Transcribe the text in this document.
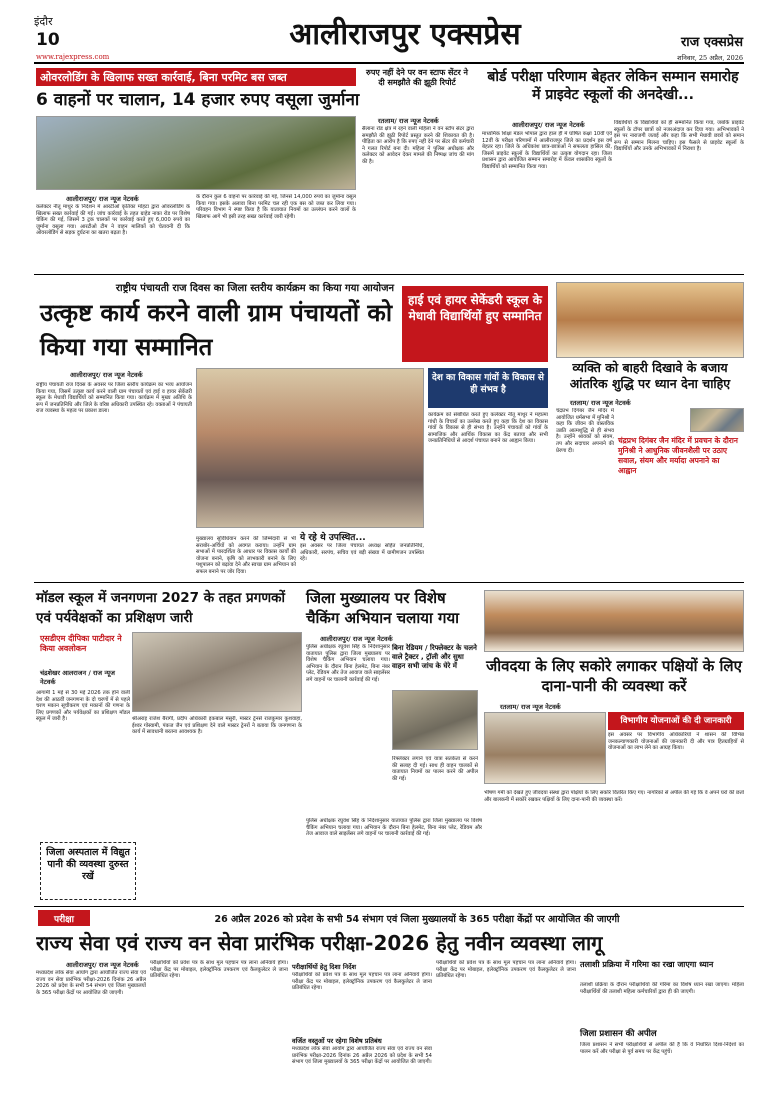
इंदौर
10	आलीराजपुर एक्सप्रेस	राज एक्सप्रेस
www.rajexpress.com	शनिवार, 25 अप्रैल, 2026
ओवरलोडिंग के खिलाफ सख्त कार्रवाई, बिना परमिट बस जब्त
6 वाहनों पर चालान, 14 हजार रुपए वसूला जुर्माना
आलीराजपुर/ राज न्यूज नेटवर्क
कलेक्टर नीतू माथुर के निर्देशन में आरटीओ कृतिका मोहटा द्वारा ओवरलोडिंग के खिलाफ सख्त कार्रवाई की गई। जांच कार्रवाई के तहत ग्राहेड नाका रोड पर विशेष चेकिंग की गई, जिसमें 3 ट्रक चालकों पर कार्रवाई करते हुए 6,000 रुपये का जुर्माना वसूला गया। आरटीओ टीम ने वाहन मालिकों को चेतावनी दी कि ओवरलोडिंग से सड़क दुर्घटना का खतरा बढ़ता है।
के दौरान कुल 6 वाहनों पर कार्रवाई की गई, जिनसे 14,000 रुपये का जुर्माना वसूल किया गया। इसके अलावा बिना परमिट चल रही एक बस को जब्त कर लिया गया। परिवहन विभाग ने स्पष्ट किया है कि यातायात नियमों का उल्लंघन करने वालों के खिलाफ आगे भी इसी तरह सख्त कार्रवाई जारी रहेगी।
रुपए नहीं देने पर वन स्टाफ सेंटर ने दी समझौते की झूठी रिपोर्ट
रतलाम/ राज न्यूज नेटवर्क
सैलाना रोड क्षेत्र में रहने वाली महिला ने वन स्टॉप सेंटर द्वारा समझौते की झूठी रिपोर्ट प्रस्तुत करने की शिकायत की है। पीड़िता का आरोप है कि रुपए नहीं देने पर सेंटर की कर्मचारी ने गलत रिपोर्ट बना दी। महिला ने पुलिस अधीक्षक और कलेक्टर को आवेदन देकर मामले की निष्पक्ष जांच की मांग की है।
बोर्ड परीक्षा परिणाम बेहतर लेकिन सम्मान समारोह में प्राइवेट स्कूलों की अनदेखी...
आलीराजपुर/ राज न्यूज नेटवर्क
माध्यमिक शिक्षा मंडल भोपाल द्वारा हाल ही में घोषित कक्षा 10वीं एवं 12वीं के परीक्षा परिणामों में आलीराजपुर जिले का प्रदर्शन इस वर्ष बेहतर रहा। जिले के अधिकांश छात्र-छात्राओं ने सफलता हासिल की, जिसमें प्राइवेट स्कूलों के विद्यार्थियों का उत्कृष्ट योगदान रहा। जिला प्रशासन द्वारा आयोजित सम्मान समारोह में केवल शासकीय स्कूलों के विद्यार्थियों को सम्मानित किया गया।
विद्यार्थियों के विद्यार्थियों को ही सम्मानित किया गया, जबकि प्राइवेट स्कूलों के टॉपर छात्रों को नजरअंदाज कर दिया गया। अभिभावकों ने इस पर नाराजगी जताई और कहा कि सभी मेधावी छात्रों को समान रूप से सम्मान मिलना चाहिए। इस फैसले से प्राइवेट स्कूलों के विद्यार्थियों और उनके अभिभावकों में निराशा है।
राष्ट्रीय पंचायती राज दिवस का जिला स्तरीय कार्यक्रम का किया गया आयोजन
उत्कृष्ट कार्य करने वाली ग्राम पंचायतों को किया गया सम्मानित
हाई एवं हायर सेकेंडरी स्कूल के मेधावी विद्यार्थियों हुए सम्मानित
आलीराजपुर/ राज न्यूज नेटवर्क
राष्ट्रीय पंचायती राज दिवस के अवसर पर जिला स्तरीय कार्यक्रम का भव्य आयोजन किया गया, जिसमें उत्कृष्ट कार्य करने वाली ग्राम पंचायतों एवं हाई व हायर सेकेंडरी स्कूल के मेधावी विद्यार्थियों को सम्मानित किया गया। कार्यक्रम में मुख्य अतिथि के रूप में जनप्रतिनिधि और जिले के वरिष्ठ अधिकारी उपस्थित रहे। वक्ताओं ने पंचायती राज व्यवस्था के महत्व पर प्रकाश डाला।
देश का विकास गांवों के विकास से ही संभव है
कार्यक्रम को संबोधित करते हुए कलेक्टर नीतू माथुर ने महात्मा गांधी के विचारों का उल्लेख करते हुए कहा कि देश का विकास गांवों के विकास से ही संभव है। उन्होंने पंचायतों को गांवों के सामाजिक और आर्थिक विकास का केंद्र बताया और सभी जनप्रतिनिधियों से आदर्श पंचायत बनाने का आह्वान किया।
ये रहे थे उपस्थित...
इस अवसर पर जिला पंचायत अध्यक्ष सहित जनप्रतिनिधि, अधिकारी, सरपंच, सचिव एवं बड़ी संख्या में ग्रामीणजन उपस्थित रहे।
मुख्यालय सुविधियान करने की जिम्मेदारी से भी सराबोर-अर्चियों को अवगत कराया। उन्होंने ग्राम सभाओं में पारदर्शिता के आधार पर विकास कार्यों की योजना बनाने, कृषि को लाभकारी बनाने के लिए पशुपालन को बढ़ावा देने और स्वच्छ ग्राम अभियान को सफल बनाने पर जोर दिया।
व्यक्ति को बाहरी दिखावे के बजाय आंतरिक शुद्धि पर ध्यान देना चाहिए
रतलाम/ राज न्यूज नेटवर्क
चंद्रप्रभ दिगंबर जैन मंदिर में आयोजित धर्मसभा में मुनिश्री ने कहा कि जीवन की वास्तविक उन्नति आत्मशुद्धि से ही संभव है। उन्होंने श्रावकों को संयम, तप और सदाचार अपनाने की प्रेरणा दी।
चंद्रप्रभ दिगंबर जैन मंदिर में प्रवचन के दौरान मुनिश्री ने आधुनिक जीवनशैली पर उठाए सवाल, संयम और मर्यादा अपनाने का आह्वान
मॉडल स्कूल में जनगणना 2027 के तहत प्रगणकों एवं पर्यवेक्षकों का प्रशिक्षण जारी
एसडीएम दीपिका पाटीदार ने किया अवलोकन
चंद्रशेखर आलराजन / राज न्यूज नेटवर्क
आगामी 1 मई से 30 मई 2026 तक होने वाली देश की आठवीं जनगणना के दो चरणों में से पहले चरण मकान सूचीकरण एवं मकानों की गणना के लिए प्रगणकों और पर्यवेक्षकों का प्रशिक्षण मॉडल स्कूल में जारी है।	श्रीअराइ राजेश बैरागी, प्रदीप अधिकारी इकबाल मंसुरी, मास्टर ट्रेनर्स राजकुमार कुशवाहा, ईश्वर गोस्वामी, पंकज जैन एवं प्रशिक्षण देने वाले मास्टर ट्रेनरों ने बताया कि जनगणना के कार्य में सावधानी बरतना आवश्यक है।
जिला अस्पताल में विद्युत पानी की व्यवस्था दुरुस्त रखें
जिला मुख्यालय पर विशेष चैकिंग अभियान चलाया गया
आलीराजपुर/ राज न्यूज नेटवर्क
पुलिस अधीक्षक रघुवंश सिंह के निर्देशानुसार यातायात पुलिस द्वारा जिला मुख्यालय पर विशेष चैकिंग अभियान चलाया गया। अभियान के दौरान बिना हेलमेट, बिना नंबर प्लेट, रेडियम और तेज आवाज वाले साइलेंसर लगे वाहनों पर चालानी कार्रवाई की गई।
बिना रेडियम / रिफ्लेक्टर के चलने वाले ट्रैक्टर , ट्रॉली और सुधा वाहन सभी जांच के घेरे में
रिफ्लेक्टर लगाने एवं यात्रा सतर्कता से करने की सलाह दी गई। साथ ही वाहन चालकों से यातायात नियमों का पालन करने की अपील की गई।
पुलिस अधीक्षक रघुवंश सिंह के निर्देशानुसार यातायात पुलिस द्वारा जिला मुख्यालय पर विशेष चैकिंग अभियान चलाया गया। अभियान के दौरान बिना हेलमेट, बिना नंबर प्लेट, रेडियम और तेज आवाज वाले साइलेंसर लगे वाहनों पर चालानी कार्रवाई की गई।
जीवदया के लिए सकोरे लगाकर पक्षियों के लिए दाना-पानी की व्यवस्था करें
रतलाम/ राज न्यूज नेटवर्क
विभागीय योजनाओं की दी जानकारी
इस अवसर पर विभागीय अधिकारियों ने शासन की विभिन्न जनकल्याणकारी योजनाओं की जानकारी दी और पात्र हितग्राहियों से योजनाओं का लाभ लेने का आग्रह किया।
भीषण गर्मी को देखते हुए जीवदया संस्था द्वारा पक्षियों के लिए सकोरे वितरित किए गए। नागरिकों से अपील की गई कि वे अपने घरों की छतों और बालकनी में सकोरे रखकर पक्षियों के लिए दाना-पानी की व्यवस्था करें।
परीक्षा	26 अप्रैल 2026 को प्रदेश के सभी 54 संभाग एवं जिला मुख्यालयों के 365 परीक्षा केंद्रों पर आयोजित की जाएगी
राज्य सेवा एवं राज्य वन सेवा प्रारंभिक परीक्षा-2026 हेतु नवीन व्यवस्था लागू
आलीराजपुर/ राज न्यूज नेटवर्क
मध्यप्रदेश लोक सेवा आयोग द्वारा आयोजित राज्य सेवा एवं राज्य वन सेवा प्रारंभिक परीक्षा-2026 दिनांक 26 अप्रैल 2026 को प्रदेश के सभी 54 संभाग एवं जिला मुख्यालयों के 365 परीक्षा केंद्रों पर आयोजित की जाएगी।
परीक्षार्थियों को प्रवेश पत्र के साथ मूल पहचान पत्र लाना अनिवार्य होगा। परीक्षा केंद्र पर मोबाइल, इलेक्ट्रॉनिक उपकरण एवं कैलकुलेटर ले जाना प्रतिबंधित रहेगा।
परीक्षार्थियों हेतु दिशा निर्देश
परीक्षार्थियों को प्रवेश पत्र के साथ मूल पहचान पत्र लाना अनिवार्य होगा। परीक्षा केंद्र पर मोबाइल, इलेक्ट्रॉनिक उपकरण एवं कैलकुलेटर ले जाना प्रतिबंधित रहेगा।
वर्जित वस्तुओं पर रहेगा विशेष प्रतिबंध
मध्यप्रदेश लोक सेवा आयोग द्वारा आयोजित राज्य सेवा एवं राज्य वन सेवा प्रारंभिक परीक्षा-2026 दिनांक 26 अप्रैल 2026 को प्रदेश के सभी 54 संभाग एवं जिला मुख्यालयों के 365 परीक्षा केंद्रों पर आयोजित की जाएगी।
परीक्षार्थियों को प्रवेश पत्र के साथ मूल पहचान पत्र लाना अनिवार्य होगा। परीक्षा केंद्र पर मोबाइल, इलेक्ट्रॉनिक उपकरण एवं कैलकुलेटर ले जाना प्रतिबंधित रहेगा।
तलाशी प्रक्रिया में गरिमा का रखा जाएगा ध्यान
तलाशी प्रक्रिया के दौरान परीक्षार्थियों की गरिमा का विशेष ध्यान रखा जाएगा। महिला परीक्षार्थियों की तलाशी महिला कर्मचारियों द्वारा ही की जाएगी।
जिला प्रशासन की अपील
जिला प्रशासन ने सभी परीक्षार्थियों से अपील की है कि वे निर्धारित दिशा-निर्देशों का पालन करें और परीक्षा से पूर्व समय पर केंद्र पहुंचें।
